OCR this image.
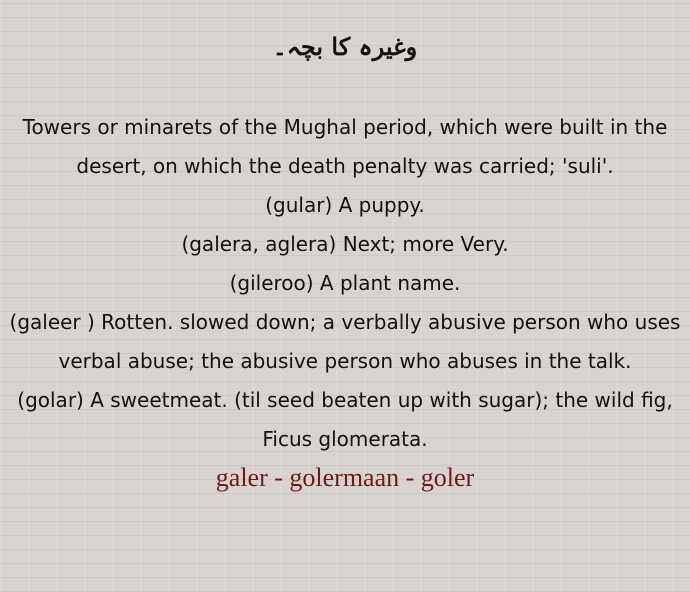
وغیرہ کا بچہ۔

Towers or minarets of the Mughal period, which were built in the desert, on which the death penalty was carried; 'suli'.

(gular) A puppy.

(galera, aglera) Next; more Very.

(gileroo) A plant name.

(galeer ) Rotten. slowed down; a verbally abusive person who uses verbal abuse; the abusive person who abuses in the talk.

(golar) A sweetmeat. (til seed beaten up with sugar); the wild fig, Ficus glomerata.

galer - golermaan - goler
